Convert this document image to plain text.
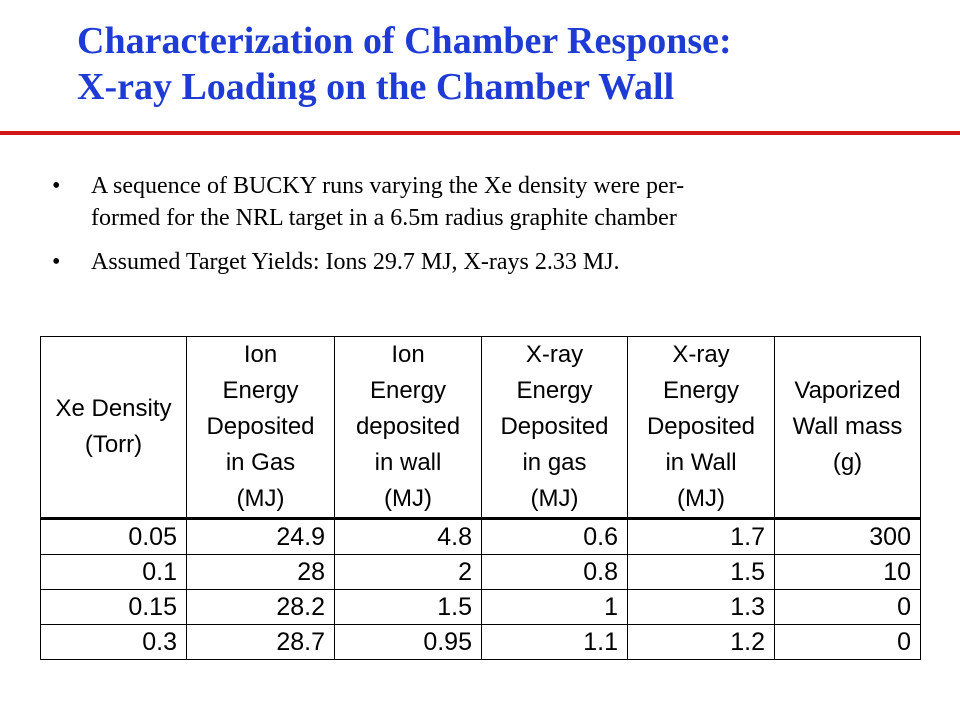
Characterization of Chamber Response:
X-ray Loading on the Chamber Wall
• A sequence of BUCKY runs varying the Xe density were per-
formed for the NRL target in a 6.5m radius graphite chamber
• Assumed Target Yields: Ions 29.7 MJ, X-rays 2.33 MJ.
Xe Density
(Torr)	Ion
Energy
Deposited
in Gas
(MJ)	Ion
Energy
deposited
in wall
(MJ)	X-ray
Energy
Deposited
in gas
(MJ)	X-ray
Energy
Deposited
in Wall
(MJ)	Vaporized
Wall mass
(g)

0.05	24.9	4.8	0.6	1.7	300
0.1	28	2	0.8	1.5	10
0.15	28.2	1.5	1	1.3	0
0.3	28.7	0.95	1.1	1.2	0
